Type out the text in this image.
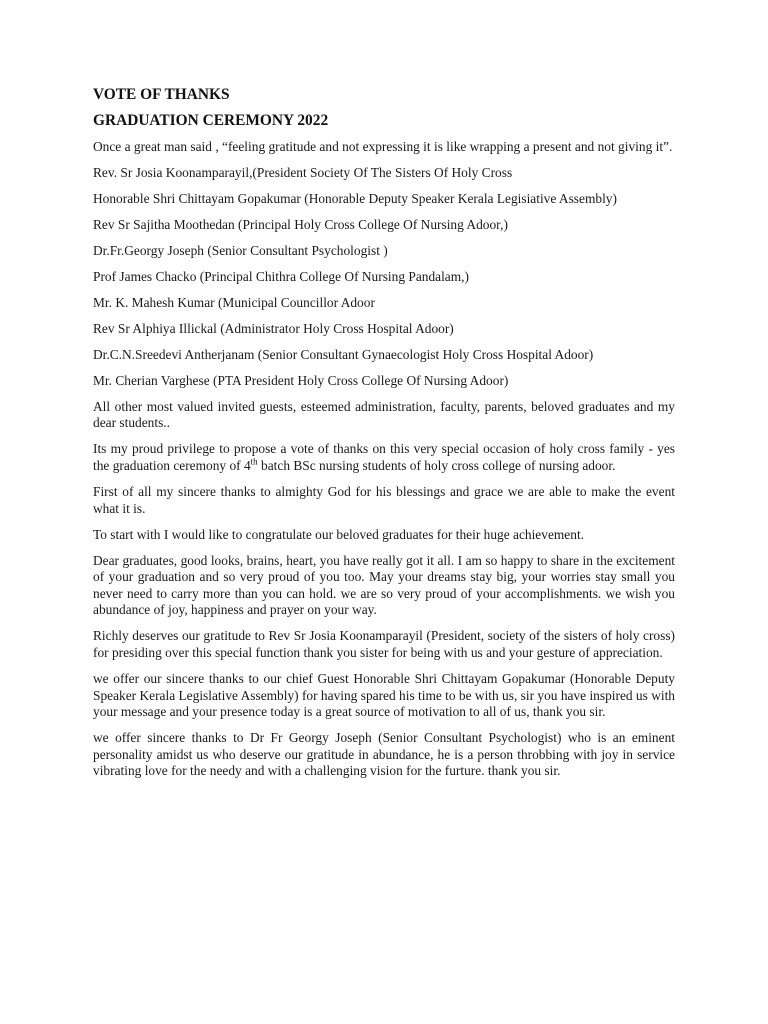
VOTE OF THANKS
GRADUATION CEREMONY 2022

Once a great man said , “feeling gratitude and not expressing it is like wrapping a present and not giving it”.

Rev. Sr Josia Koonamparayil,(President Society Of The Sisters Of Holy Cross

Honorable Shri Chittayam Gopakumar (Honorable Deputy Speaker Kerala Legisiative Assembly)

Rev Sr Sajitha Moothedan (Principal Holy Cross College Of Nursing Adoor,)

Dr.Fr.Georgy Joseph (Senior Consultant Psychologist )

Prof James Chacko (Principal Chithra College Of Nursing Pandalam,)

Mr. K. Mahesh Kumar (Municipal Councillor Adoor

Rev Sr Alphiya Illickal (Administrator Holy Cross Hospital Adoor)

Dr.C.N.Sreedevi Antherjanam (Senior Consultant Gynaecologist Holy Cross Hospital Adoor)

Mr. Cherian Varghese (PTA President Holy Cross College Of Nursing Adoor)

All other most valued invited guests, esteemed administration, faculty, parents, beloved graduates and my dear students..

Its my proud privilege to propose a vote of thanks on this very special occasion of holy cross family - yes the graduation ceremony of 4th batch BSc nursing students of holy cross college of nursing adoor.

First of all my sincere thanks to almighty God for his blessings and grace we are able to make the event what it is.

To start with I would like to congratulate our beloved graduates for their huge achievement.

Dear graduates, good looks, brains, heart, you have really got it all. I am so happy to share in the excitement of your graduation and so very proud of you too. May your dreams stay big, your worries stay small you never need to carry more than you can hold. we are so very proud of your accomplishments. we wish you abundance of joy, happiness and prayer on your way.

Richly deserves our gratitude to Rev Sr Josia Koonamparayil (President, society of the sisters of holy cross) for presiding over this special function thank you sister for being with us and your gesture of appreciation.

we offer our sincere thanks to our chief Guest Honorable Shri Chittayam Gopakumar (Honorable Deputy Speaker Kerala Legislative Assembly) for having spared his time to be with us, sir you have inspired us with your message and your presence today is a great source of motivation to all of us, thank you sir.

we offer sincere thanks to Dr Fr Georgy Joseph (Senior Consultant Psychologist) who is an eminent personality amidst us who deserve our gratitude in abundance, he is a person throbbing with joy in service vibrating love for the needy and with a challenging vision for the furture. thank you sir.
